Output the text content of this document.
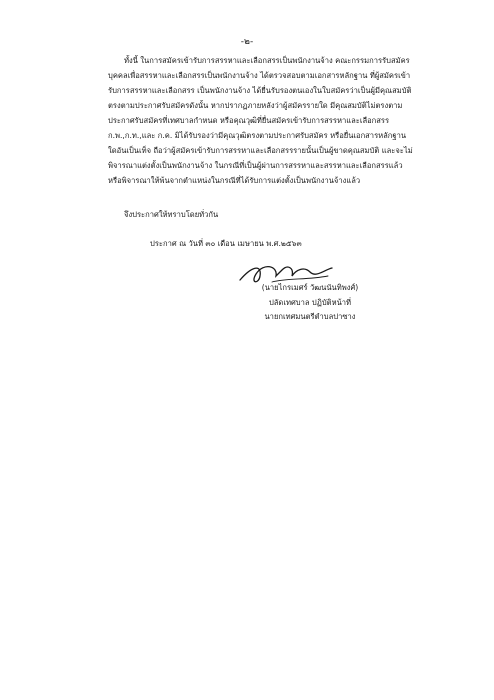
-๒-

ทั้งนี้ ในการสมัครเข้ารับการสรรหาและเลือกสรรเป็นพนักงานจ้าง คณะกรรมการรับสมัครบุคคลเพื่อสรรหาและเลือกสรรเป็นพนักงานจ้าง ได้ตรวจสอบตามเอกสารหลักฐาน ที่ผู้สมัครเข้ารับการสรรหาและเลือกสรร เป็นพนักงานจ้าง ได้ยื่นรับรองตนเองในใบสมัครว่าเป็นผู้มีคุณสมบัติตรงตามประกาศรับสมัครดังนั้น หากปรากฏภายหลังว่าผู้สมัครรายใด มีคุณสมบัติไม่ตรงตามประกาศรับสมัครที่เทศบาลกำหนด หรือคุณวุฒิที่ยื่นสมัครเข้ารับการสรรหาและเลือกสรร ก.พ.,ก.ท.,และ ก.ค. มิได้รับรองว่ามีคุณวุฒิตรงตามประกาศรับสมัคร หรือยื่นเอกสารหลักฐานใดอันเป็นเท็จ ถือว่าผู้สมัครเข้ารับการสรรหาและเลือกสรรรายนั้นเป็นผู้ขาดคุณสมบัติ และจะไม่พิจารณาแต่งตั้งเป็นพนักงานจ้าง ในกรณีที่เป็นผู้ผ่านการสรรหาและสรรหาและเลือกสรรแล้ว หรือพิจารณาให้พ้นจากตำแหน่งในกรณีที่ได้รับการแต่งตั้งเป็นพนักงานจ้างแล้ว

จึงประกาศให้ทราบโดยทั่วกัน
ประกาศ ณ วันที่ ๓๐ เดือน เมษายน พ.ศ.๒๕๖๓
(นายไกรเมศร์ วัฒนนันทิพงศ์)
ปลัดเทศบาล ปฏิบัติหน้าที่
นายกเทศมนตรีตำบลปาซาง
